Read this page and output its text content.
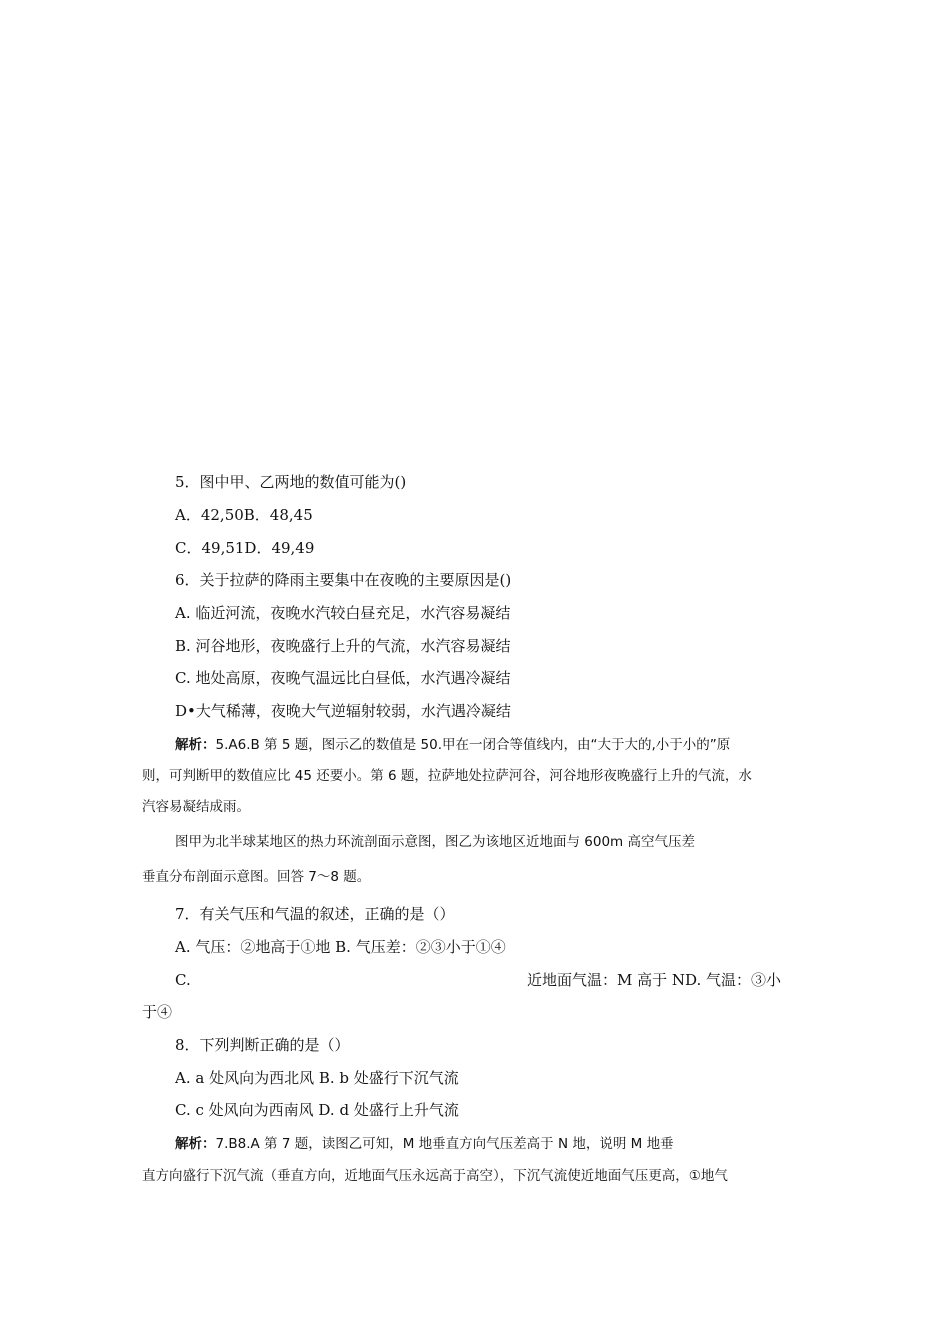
5．图中甲、乙两地的数值可能为()
A．42,50B．48,45
C．49,51D．49,49
6．关于拉萨的降雨主要集中在夜晚的主要原因是()
A. 临近河流，夜晚水汽较白昼充足，水汽容易凝结
B. 河谷地形，夜晚盛行上升的气流，水汽容易凝结
C. 地处高原，夜晚气温远比白昼低，水汽遇冷凝结
D•大气稀薄，夜晚大气逆辐射较弱，水汽遇冷凝结
解析：5.A6.B 第 5 题，图示乙的数值是 50.甲在一闭合等值线内，由“大于大的,小于小的”原
则，可判断甲的数值应比 45 还要小。第 6 题，拉萨地处拉萨河谷，河谷地形夜晚盛行上升的气流，水
汽容易凝结成雨。
图甲为北半球某地区的热力环流剖面示意图，图乙为该地区近地面与 600m 高空气压差
垂直分布剖面示意图。回答 7～8 题。
7．有关气压和气温的叙述，正确的是（）
A. 气压：②地高于①地 B. 气压差：②③小于①④
C.	近地面气温：M 高于 ND. 气温：③小
于④
8．下列判断正确的是（）
A. a 处风向为西北风 B. b 处盛行下沉气流
C. c 处风向为西南风 D. d 处盛行上升气流
解析：7.B8.A 第 7 题，读图乙可知，M 地垂直方向气压差高于 N 地，说明 M 地垂
直方向盛行下沉气流（垂直方向，近地面气压永远高于高空），下沉气流使近地面气压更高，①地气
